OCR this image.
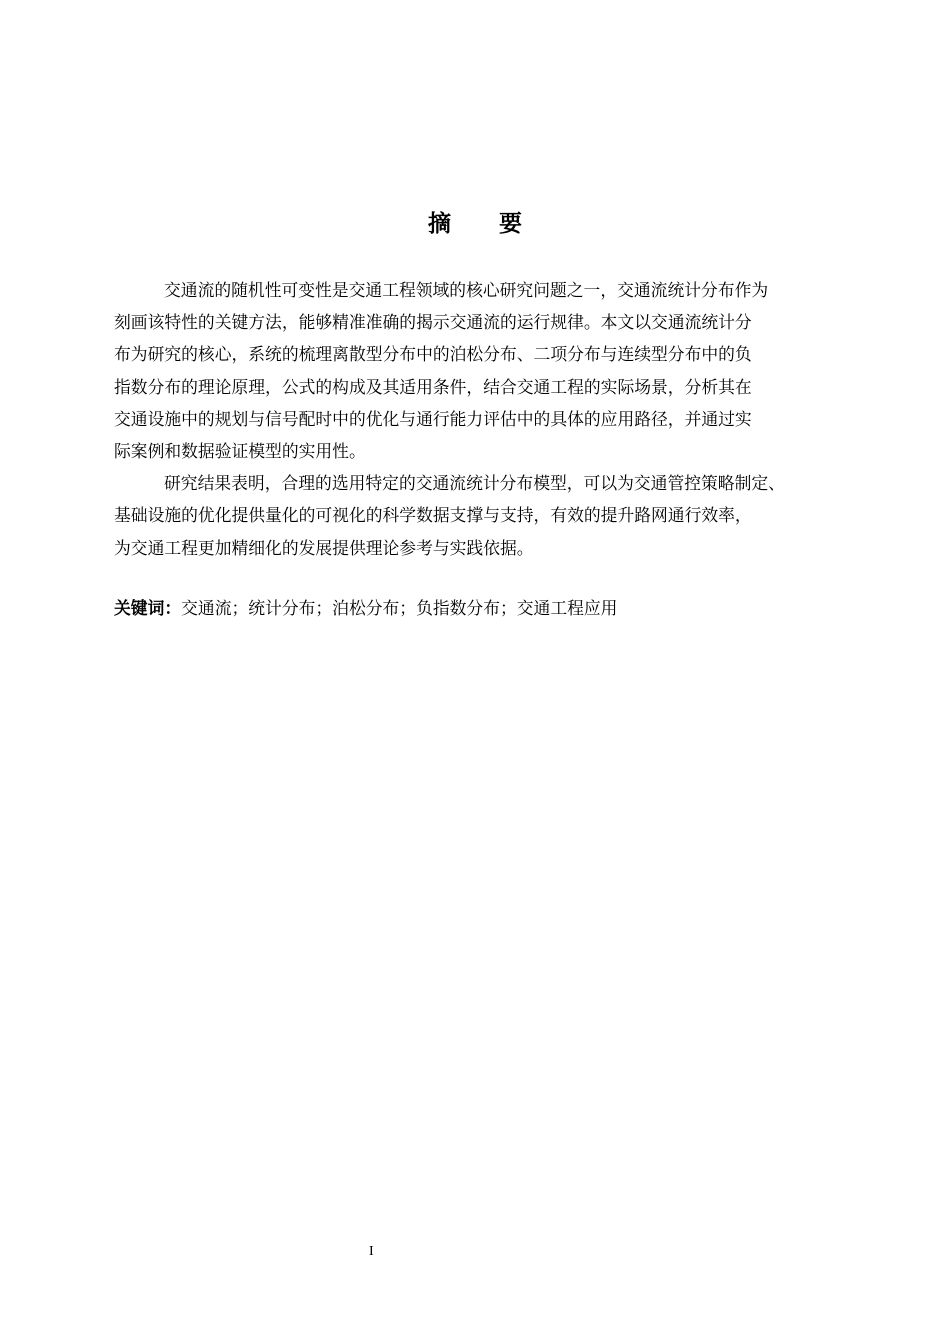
摘 要
交通流的随机性可变性是交通工程领域的核心研究问题之一，交通流统计分布作为
刻画该特性的关键方法，能够精准准确的揭示交通流的运行规律。本文以交通流统计分
布为研究的核心，系统的梳理离散型分布中的泊松分布、二项分布与连续型分布中的负
指数分布的理论原理，公式的构成及其适用条件，结合交通工程的实际场景，分析其在
交通设施中的规划与信号配时中的优化与通行能力评估中的具体的应用路径，并通过实
际案例和数据验证模型的实用性。
研究结果表明，合理的选用特定的交通流统计分布模型，可以为交通管控策略制定、
基础设施的优化提供量化的可视化的科学数据支撑与支持，有效的提升路网通行效率，
为交通工程更加精细化的发展提供理论参考与实践依据。
关键词：交通流；统计分布；泊松分布；负指数分布；交通工程应用
I
